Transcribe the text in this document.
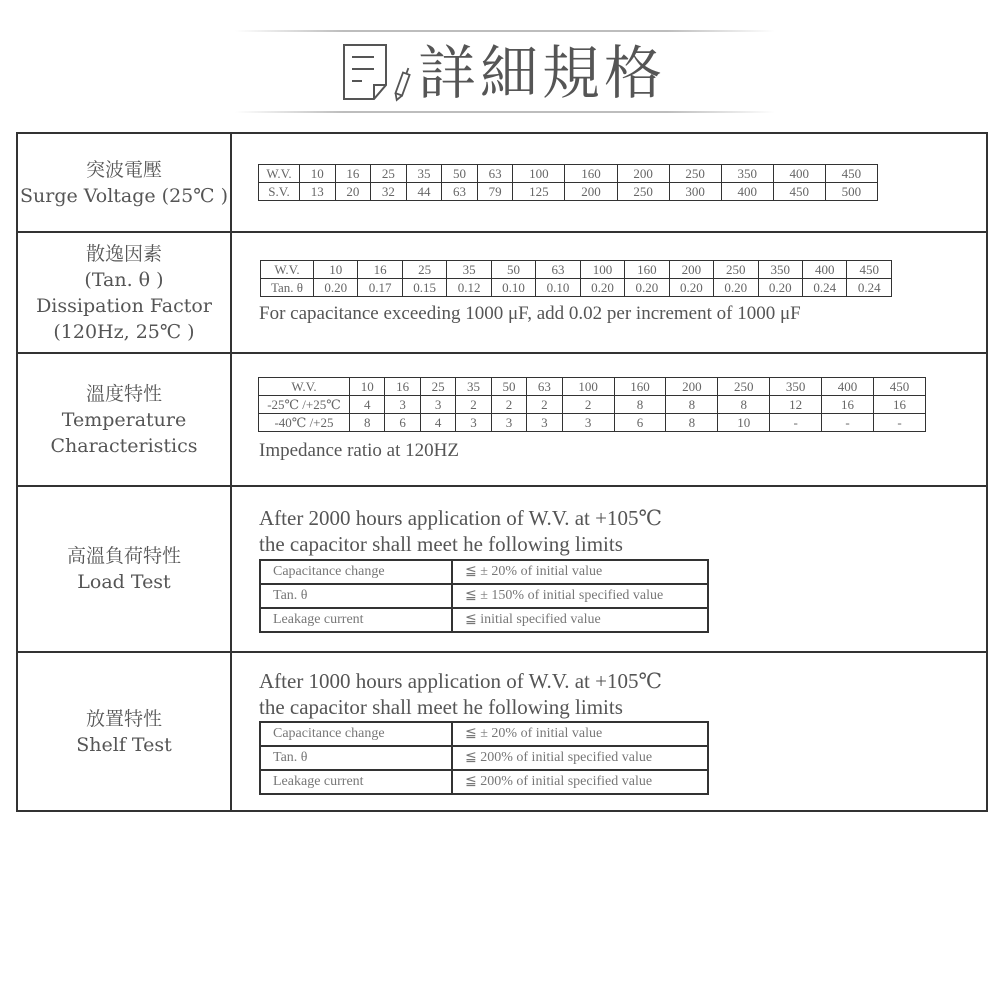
詳細規格
突波電壓
Surge Voltage (25℃ )
W.V.	10	16	25	35	50	63	100	160	200	250	350	400	450
S.V.	13	20	32	44	63	79	125	200	250	300	400	450	500
散逸因素
(Tan. θ )
Dissipation Factor
(120Hz, 25℃ )
W.V.	10	16	25	35	50	63	100	160	200	250	350	400	450
Tan. θ	0.20	0.17	0.15	0.12	0.10	0.10	0.20	0.20	0.20	0.20	0.20	0.24	0.24
For capacitance exceeding 1000 μF, add 0.02 per increment of 1000 μF
溫度特性
Temperature
Characteristics
W.V.	10	16	25	35	50	63	100	160	200	250	350	400	450
-25℃ /+25℃	4	3	3	2	2	2	2	8	8	8	12	16	16
-40℃ /+25	8	6	4	3	3	3	3	6	8	10	-	-	-
Impedance ratio at 120HZ
高溫負荷特性
Load Test
After 2000 hours application of W.V. at +105℃
the capacitor shall meet he following limits
Capacitance change	≦ ± 20% of initial value
Tan. θ	≦ ± 150% of initial specified value
Leakage current	≦ initial specified value
放置特性
Shelf Test
After 1000 hours application of W.V. at +105℃
the capacitor shall meet he following limits
Capacitance change	≦ ± 20% of initial value
Tan. θ	≦ 200% of initial specified value
Leakage current	≦ 200% of initial specified value
